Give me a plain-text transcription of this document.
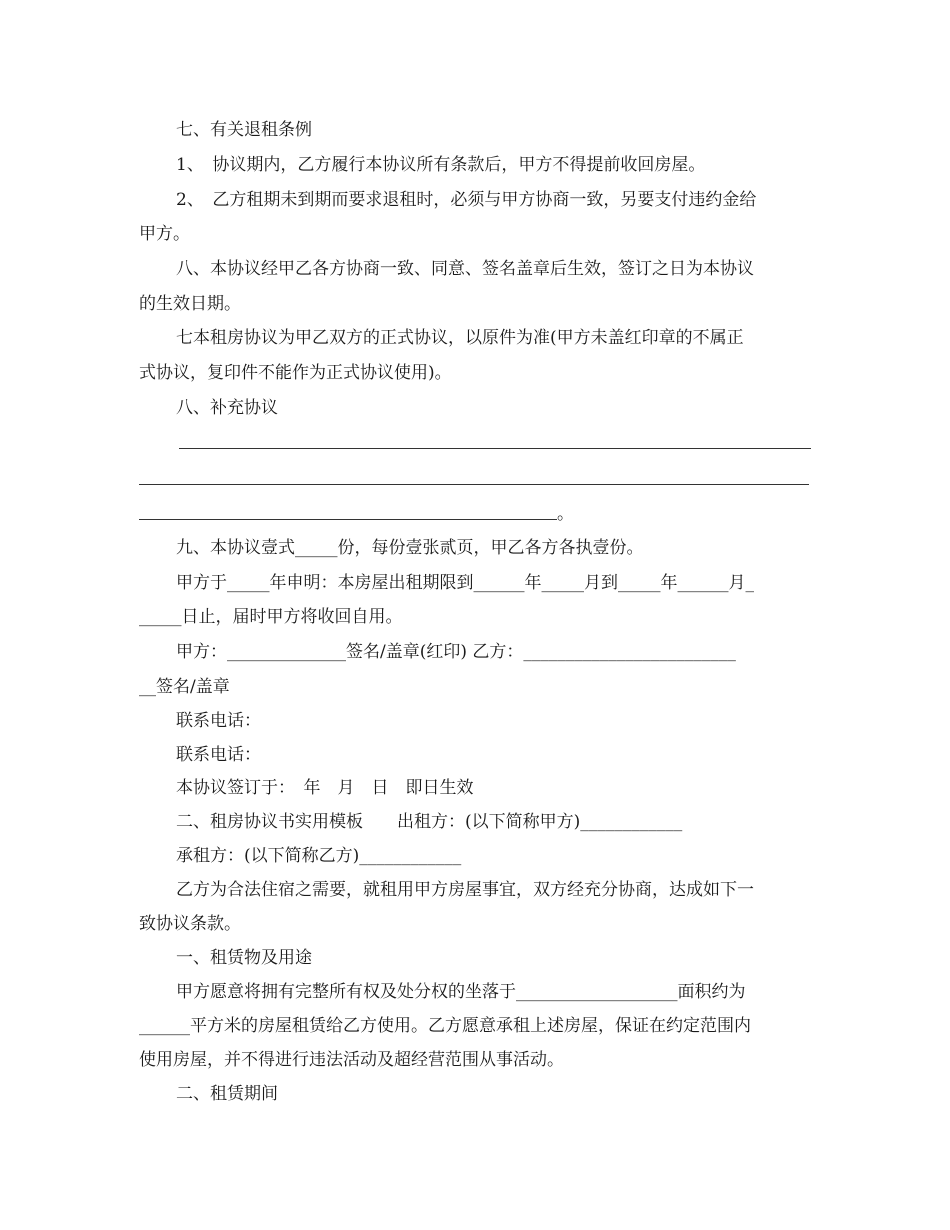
七、有关退租条例
1、　协议期内，乙方履行本协议所有条款后，甲方不得提前收回房屋。
2、　乙方租期未到期而要求退租时，必须与甲方协商一致，另要支付违约金给
甲方。
八、本协议经甲乙各方协商一致、同意、签名盖章后生效，签订之日为本协议
的生效日期。
七本租房协议为甲乙双方的正式协议，以原件为准(甲方未盖红印章的不属正
式协议，复印件不能作为正式协议使用)。
八、补充协议
。
九、本协议壹式_____份，每份壹张贰页，甲乙各方各执壹份。
甲方于_____年申明：本房屋出租期限到______年_____月到_____年______月_
_____日止，届时甲方将收回自用。
甲方：______________签名/盖章(红印) 乙方：_________________________
__签名/盖章
联系电话：
联系电话：
本协议签订于：　年　月　日　即日生效
二、租房协议书实用模板　　出租方：(以下简称甲方)____________
承租方：(以下简称乙方)____________
乙方为合法住宿之需要，就租用甲方房屋事宜，双方经充分协商，达成如下一
致协议条款。
一、租赁物及用途
甲方愿意将拥有完整所有权及处分权的坐落于___________________面积约为
______平方米的房屋租赁给乙方使用。乙方愿意承租上述房屋，保证在约定范围内
使用房屋，并不得进行违法活动及超经营范围从事活动。
二、租赁期间
